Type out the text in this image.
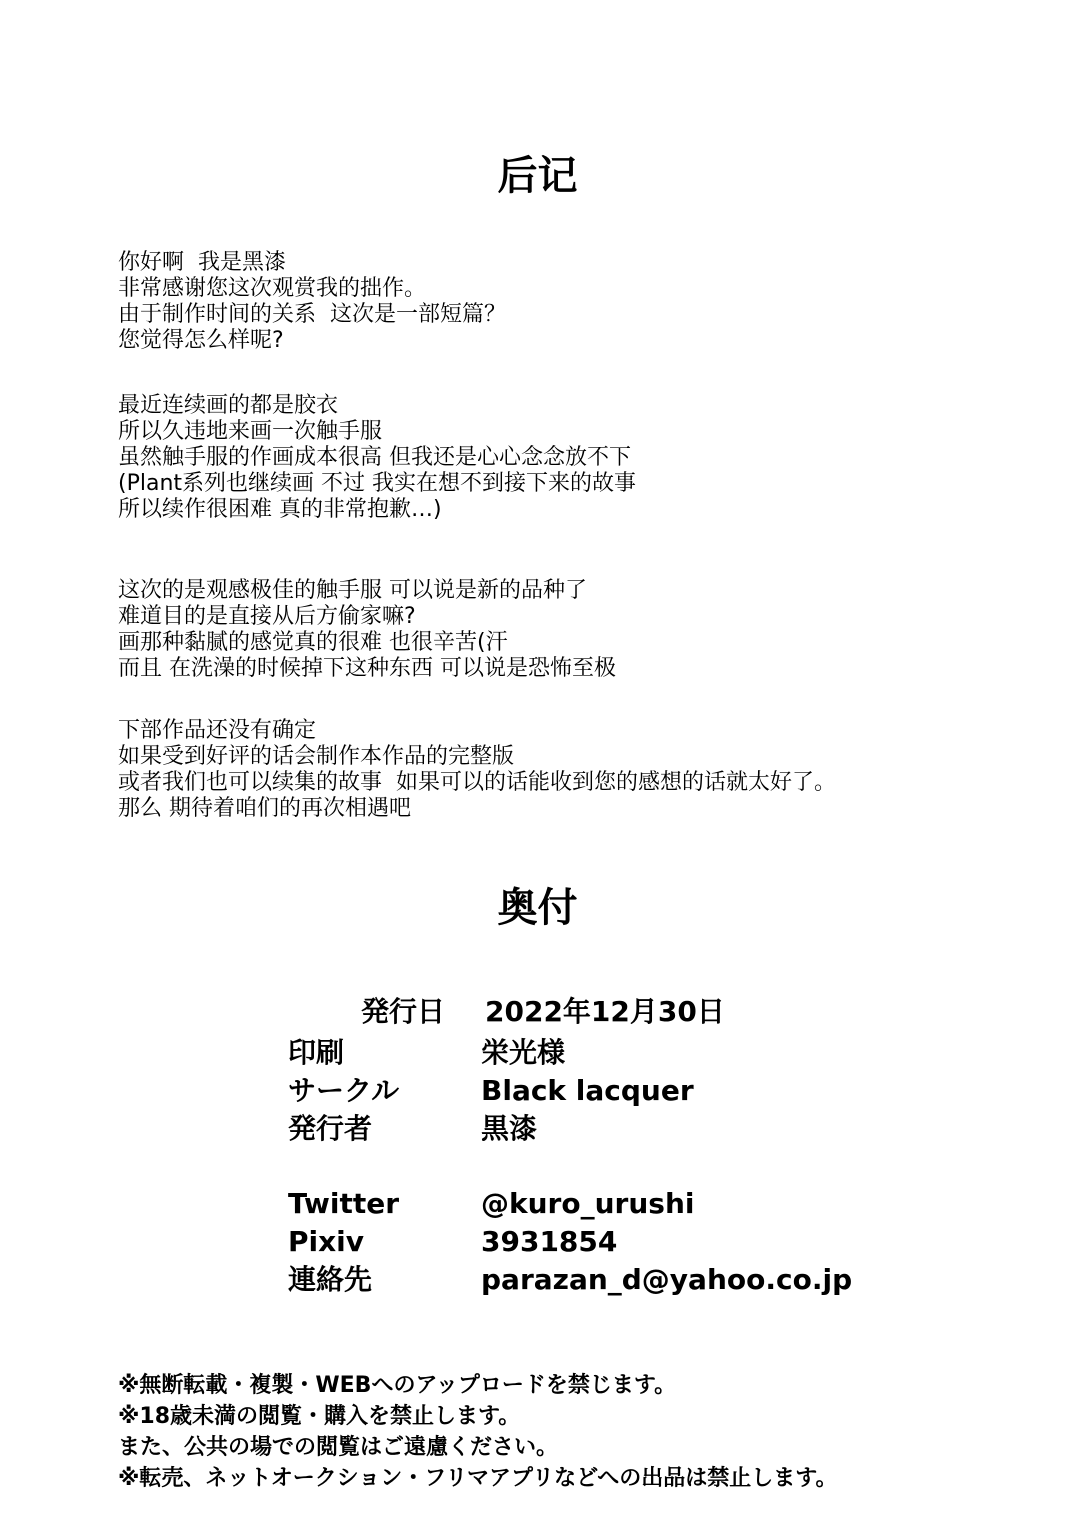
后记
你好啊  我是黑漆
非常感谢您这次观赏我的拙作。
由于制作时间的关系  这次是一部短篇？
您觉得怎么样呢?
最近连续画的都是胶衣
所以久违地来画一次触手服
虽然触手服的作画成本很高 但我还是心心念念放不下
(Plant系列也继续画 不过 我实在想不到接下来的故事
所以续作很困难 真的非常抱歉…)
这次的是观感极佳的触手服 可以说是新的品种了
难道目的是直接从后方偷家嘛?
画那种黏腻的感觉真的很难 也很辛苦(汗
而且 在洗澡的时候掉下这种东西 可以说是恐怖至极
下部作品还没有确定
如果受到好评的话会制作本作品的完整版
或者我们也可以续集的故事  如果可以的话能收到您的感想的话就太好了。
那么 期待着咱们的再次相遇吧
奥付

発行日 2022年12月30日

印刷	栄光様
サークル	Black lacquer
発行者	黒漆
Twitter	@kuro_urushi
Pixiv	3931854
連絡先	parazan_d@yahoo.co.jp
※無断転載・複製・WEBへのアップロードを禁じます。
※18歳未満の閲覧・購入を禁止します。
また、公共の場での閲覧はご遠慮ください。
※転売、ネットオークション・フリマアプリなどへの出品は禁止します。
